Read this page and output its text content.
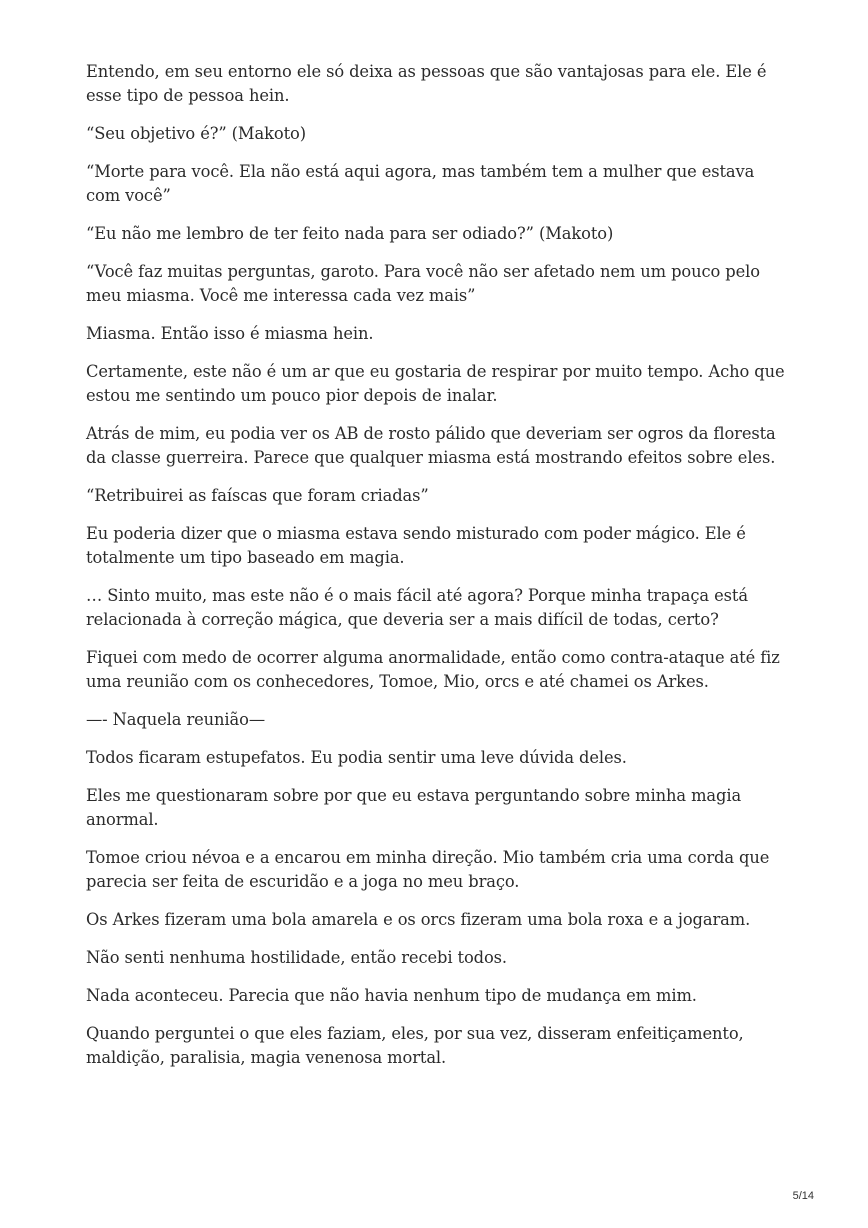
Entendo, em seu entorno ele só deixa as pessoas que são vantajosas para ele. Ele é esse tipo de pessoa hein.

“Seu objetivo é?” (Makoto)

“Morte para você. Ela não está aqui agora, mas também tem a mulher que estava com você”

“Eu não me lembro de ter feito nada para ser odiado?” (Makoto)

“Você faz muitas perguntas, garoto. Para você não ser afetado nem um pouco pelo meu miasma. Você me interessa cada vez mais”

Miasma. Então isso é miasma hein.

Certamente, este não é um ar que eu gostaria de respirar por muito tempo. Acho que estou me sentindo um pouco pior depois de inalar.

Atrás de mim, eu podia ver os AB de rosto pálido que deveriam ser ogros da floresta da classe guerreira. Parece que qualquer miasma está mostrando efeitos sobre eles.

“Retribuirei as faíscas que foram criadas”

Eu poderia dizer que o miasma estava sendo misturado com poder mágico. Ele é totalmente um tipo baseado em magia.

… Sinto muito, mas este não é o mais fácil até agora? Porque minha trapaça está relacionada à correção mágica, que deveria ser a mais difícil de todas, certo?

Fiquei com medo de ocorrer alguma anormalidade, então como contra-ataque até fiz uma reunião com os conhecedores, Tomoe, Mio, orcs e até chamei os Arkes.

—- Naquela reunião—

Todos ficaram estupefatos. Eu podia sentir uma leve dúvida deles.

Eles me questionaram sobre por que eu estava perguntando sobre minha magia anormal.

Tomoe criou névoa e a encarou em minha direção. Mio também cria uma corda que parecia ser feita de escuridão e a joga no meu braço.

Os Arkes fizeram uma bola amarela e os orcs fizeram uma bola roxa e a jogaram.

Não senti nenhuma hostilidade, então recebi todos.

Nada aconteceu. Parecia que não havia nenhum tipo de mudança em mim.

Quando perguntei o que eles faziam, eles, por sua vez, disseram enfeitiçamento, maldição, paralisia, magia venenosa mortal.

5/14
